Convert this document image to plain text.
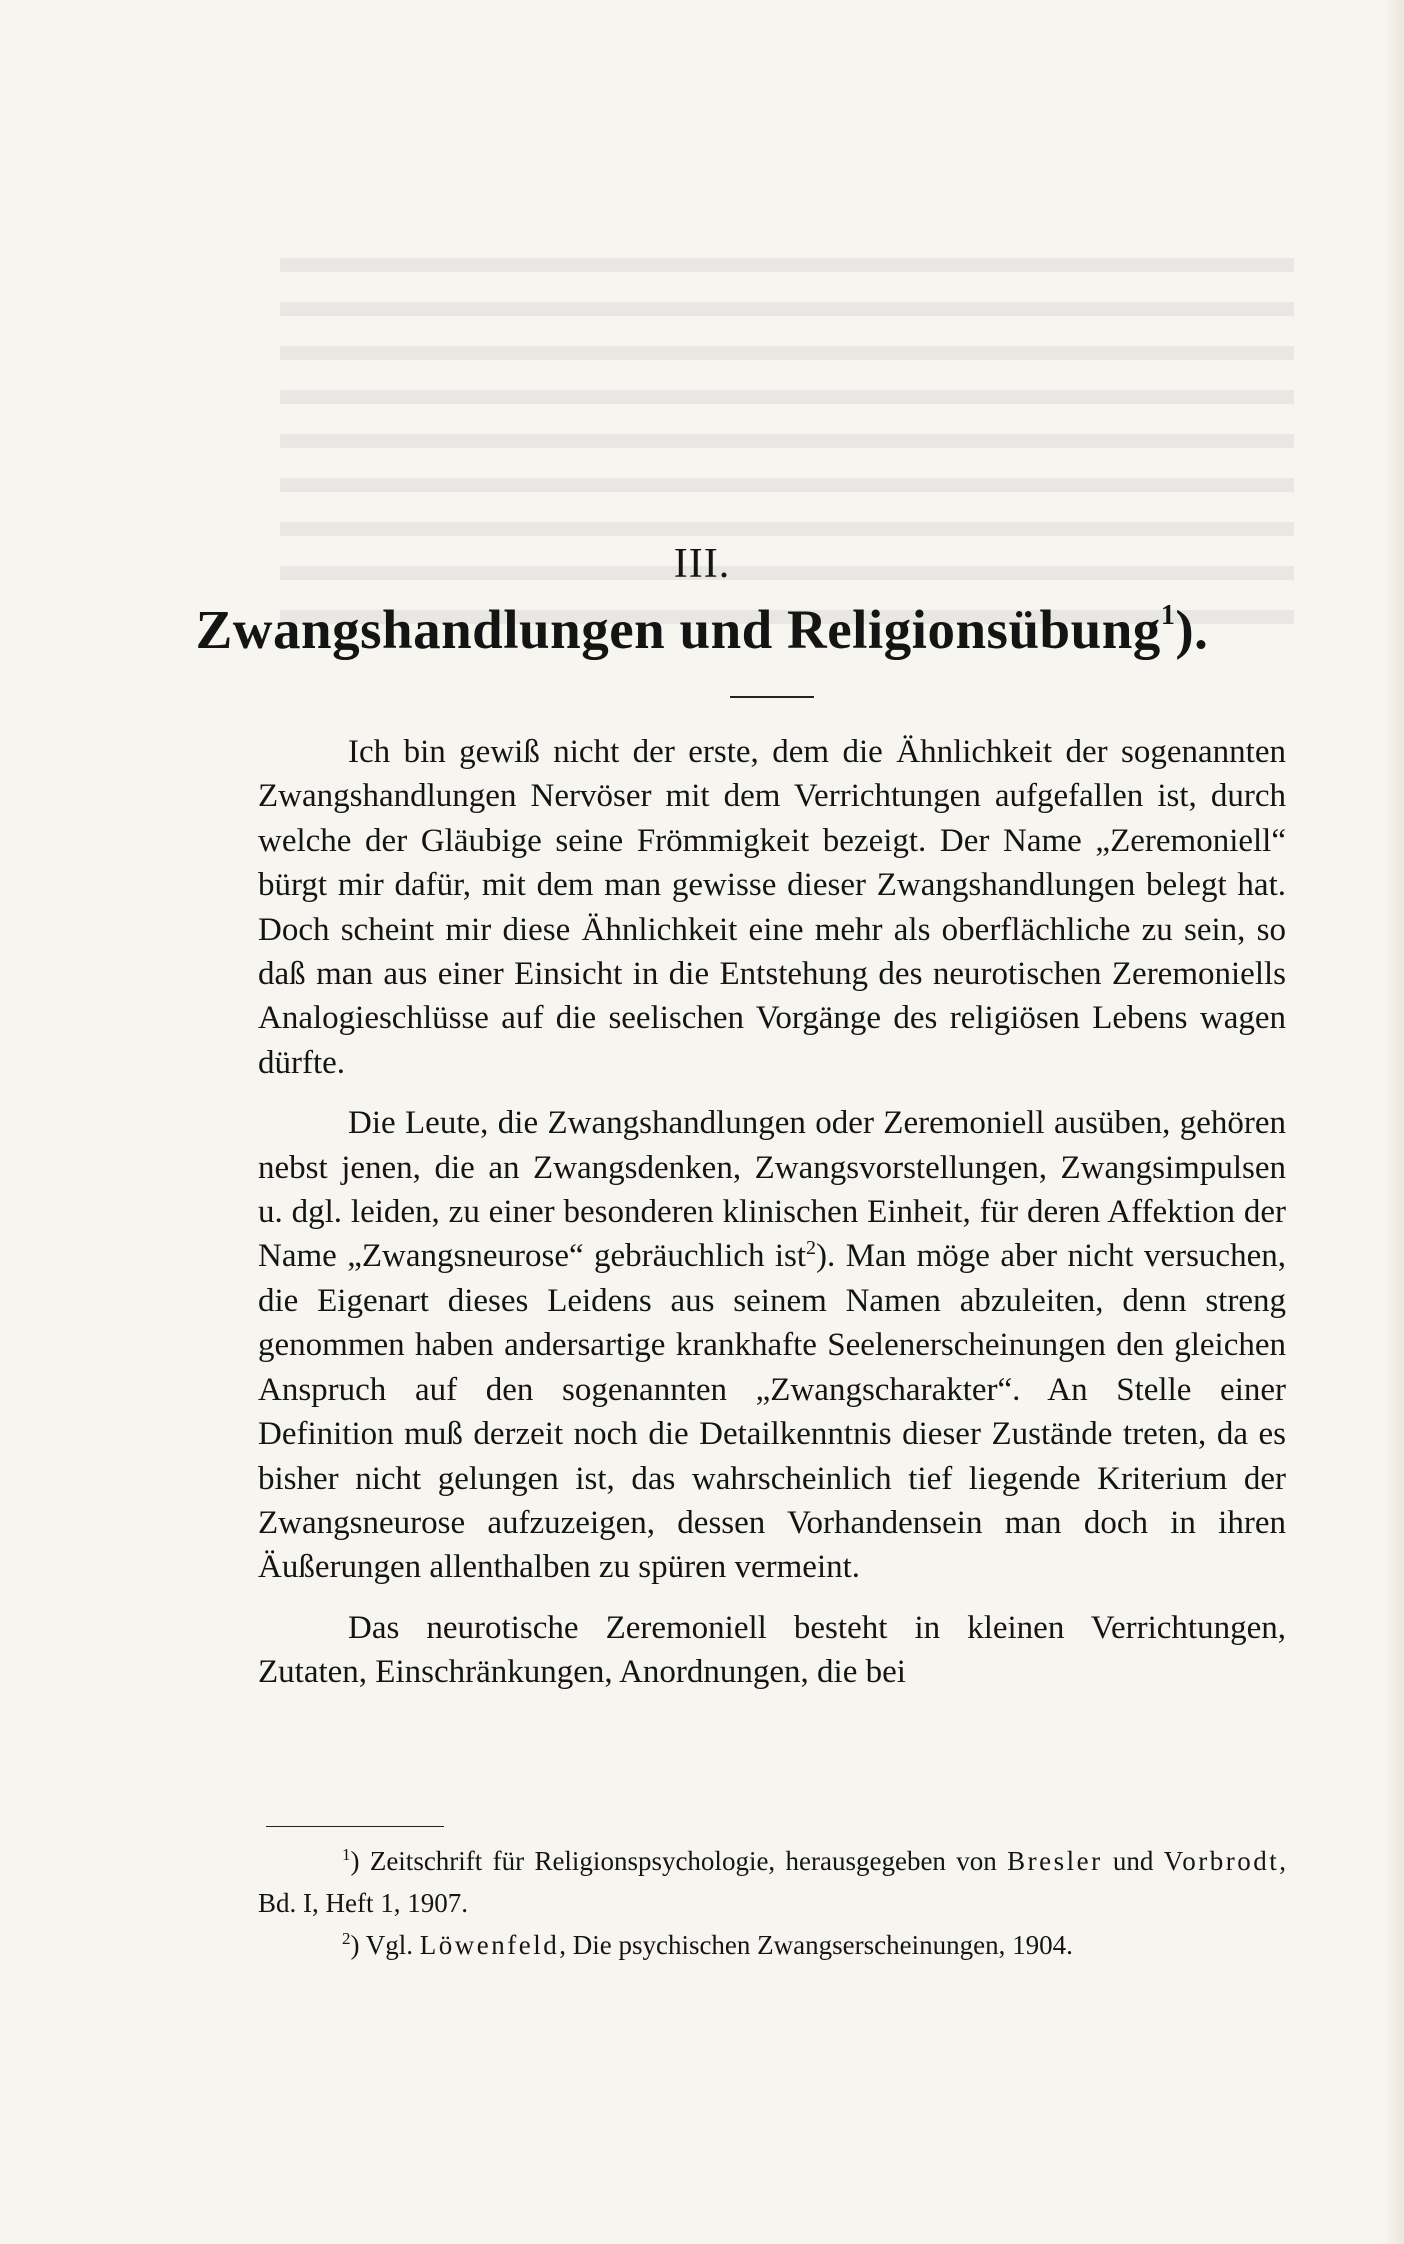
III.
Zwangshandlungen und Religionsübung$^1$).

Ich bin gewiß nicht der erste, dem die Ähnlichkeit der sogenannten Zwangshandlungen Nervöser mit dem Verrichtungen aufgefallen ist, durch welche der Gläubige seine Frömmigkeit bezeigt. Der Name „Zeremoniell“ bürgt mir dafür, mit dem man gewisse dieser Zwangshandlungen belegt hat. Doch scheint mir diese Ähnlichkeit eine mehr als oberflächliche zu sein, so daß man aus einer Einsicht in die Entstehung des neurotischen Zeremoniells Analogieschlüsse auf die seelischen Vorgänge des religiösen Lebens wagen dürfte.

Die Leute, die Zwangshandlungen oder Zeremoniell ausüben, gehören nebst jenen, die an Zwangsdenken, Zwangsvorstellungen, Zwangsimpulsen u. dgl. leiden, zu einer besonderen klinischen Einheit, für deren Affektion der Name „Zwangsneurose“ gebräuchlich ist$^2$). Man möge aber nicht versuchen, die Eigenart dieses Leidens aus seinem Namen abzuleiten, denn streng genommen haben andersartige krankhafte Seelenerscheinungen den gleichen Anspruch auf den sogenannten „Zwangscharakter“. An Stelle einer Definition muß derzeit noch die Detailkenntnis dieser Zustände treten, da es bisher nicht gelungen ist, das wahrscheinlich tief liegende Kriterium der Zwangsneurose aufzuzeigen, dessen Vorhandensein man doch in ihren Äußerungen allenthalben zu spüren vermeint.

Das neurotische Zeremoniell besteht in kleinen Verrichtungen, Zutaten, Einschränkungen, Anordnungen, die bei

$^1$) Zeitschrift für Religionspsychologie, herausgegeben von Bresler und Vorbrodt, Bd. I, Heft 1, 1907.

$^2$) Vgl. Löwenfeld, Die psychischen Zwangserscheinungen, 1904.
